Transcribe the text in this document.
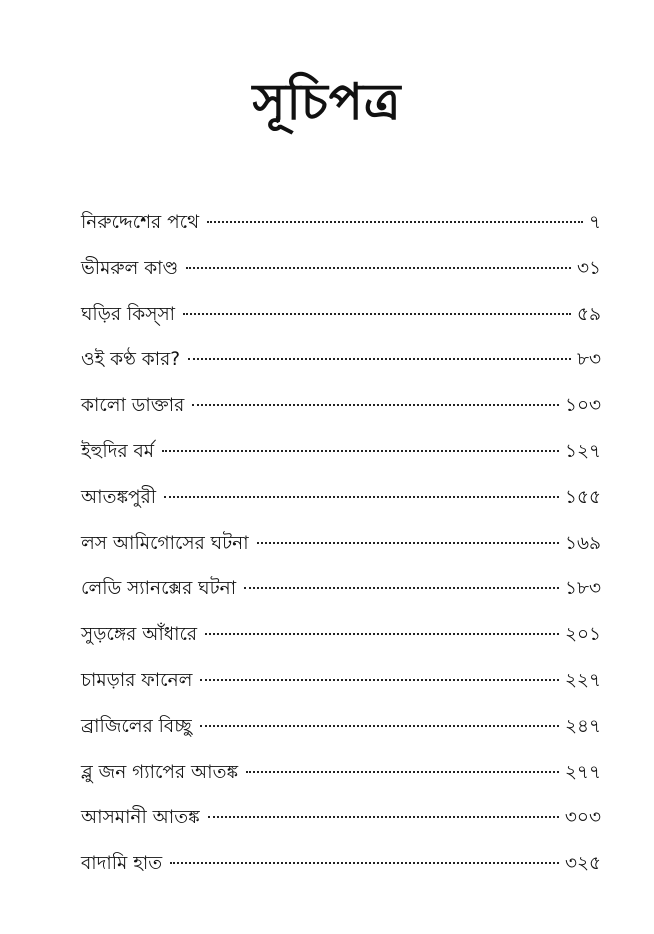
সূচিপত্র
নিরুদ্দেশের পথে	৭
ভীমরুল কাণ্ড	৩১
ঘড়ির কিস্সা	৫৯
ওই কণ্ঠ কার?	৮৩
কালো ডাক্তার	১০৩
ইহুদির বর্ম	১২৭
আতঙ্কপুরী	১৫৫
লস আমিগোসের ঘটনা	১৬৯
লেডি স্যানক্সের ঘটনা	১৮৩
সুড়ঙ্গের আঁধারে	২০১
চামড়ার ফানেল	২২৭
ব্রাজিলের বিচ্ছু	২৪৭
ব্লু জন গ্যাপের আতঙ্ক	২৭৭
আসমানী আতঙ্ক	৩০৩
বাদামি হাত	৩২৫
